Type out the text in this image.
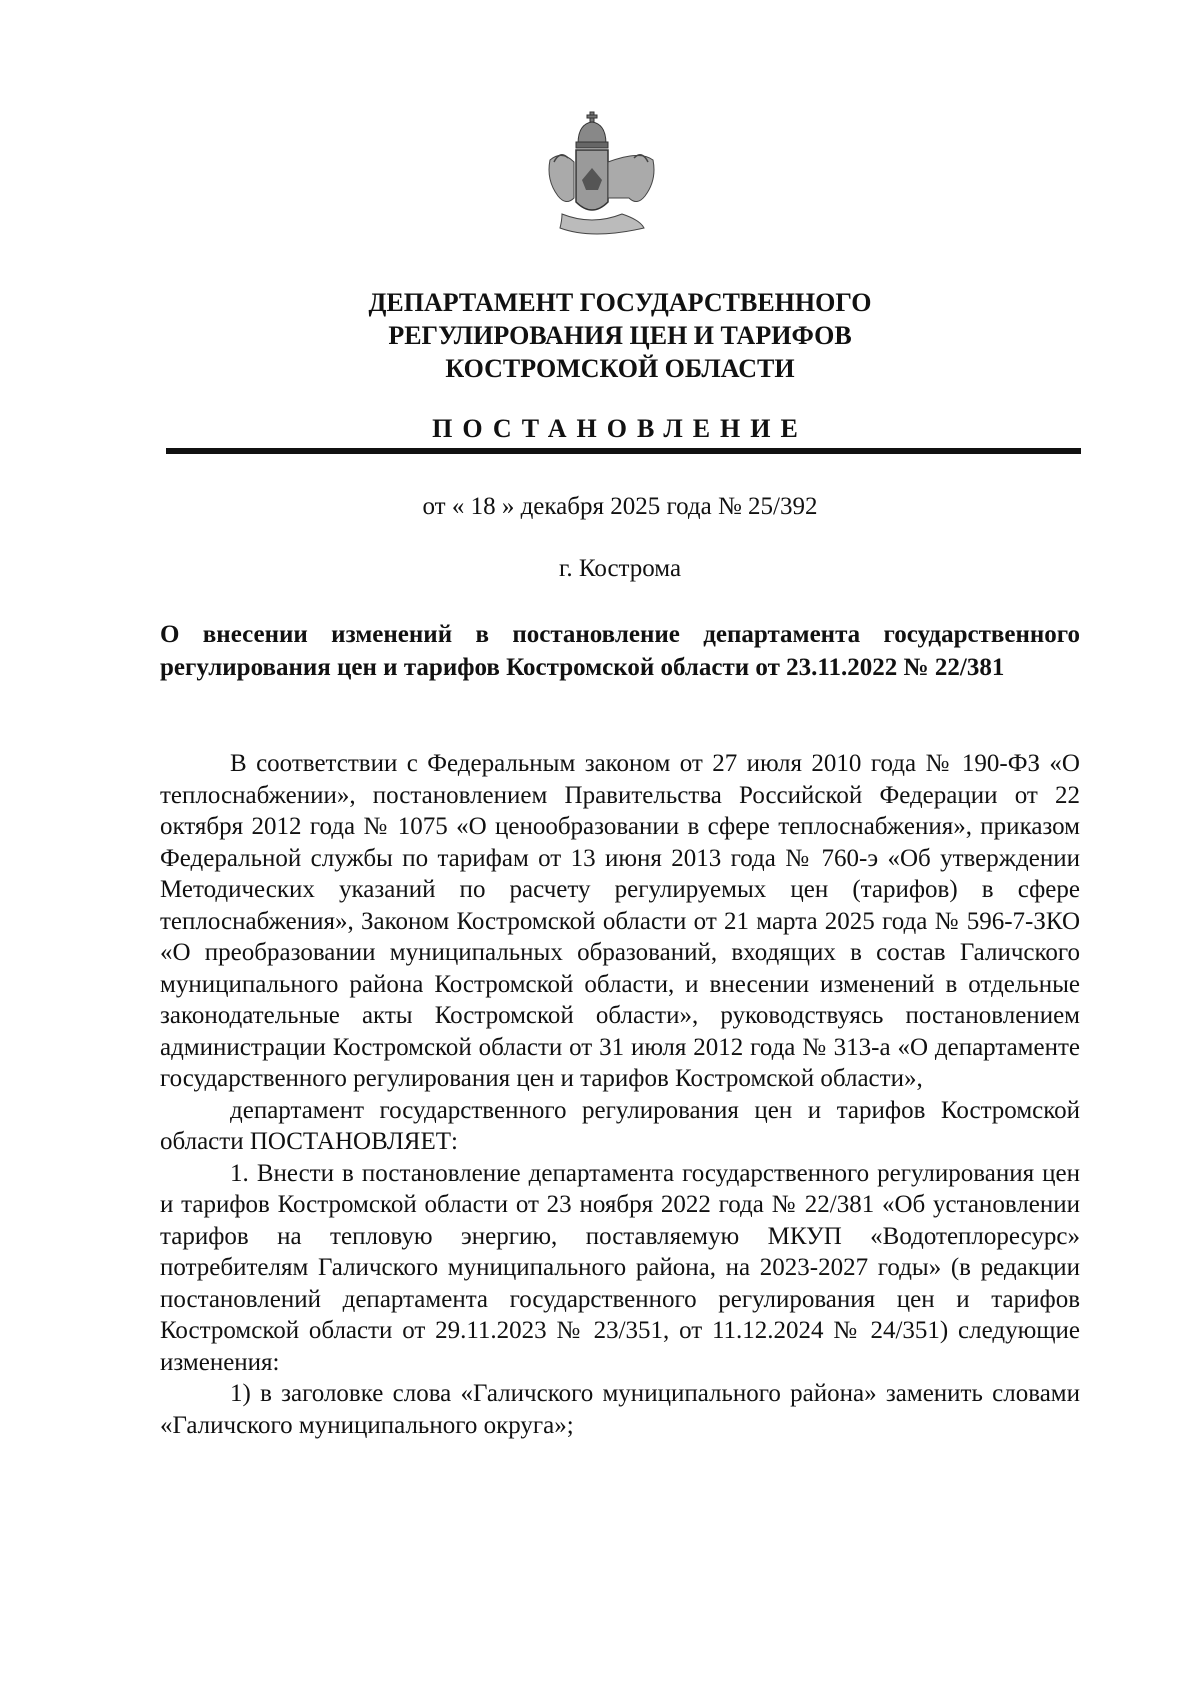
ДЕПАРТАМЕНТ ГОСУДАРСТВЕННОГО
РЕГУЛИРОВАНИЯ ЦЕН И ТАРИФОВ
КОСТРОМСКОЙ ОБЛАСТИ
ПОСТАНОВЛЕНИЕ
от « 18 » декабря 2025 года № 25/392
г. Кострома
О внесении изменений в постановление департамента государственного регулирования цен и тарифов Костромской области от 23.11.2022 № 22/381

В соответствии с Федеральным законом от 27 июля 2010 года № 190-ФЗ «О теплоснабжении», постановлением Правительства Российской Федерации от 22 октября 2012 года № 1075 «О ценообразовании в сфере теплоснабжения», приказом Федеральной службы по тарифам от 13 июня 2013 года № 760-э «Об утверждении Методических указаний по расчету регулируемых цен (тарифов) в сфере теплоснабжения», Законом Костромской области от 21 марта 2025 года № 596-7-ЗКО «О преобразовании муниципальных образований, входящих в состав Галичского муниципального района Костромской области, и внесении изменений в отдельные законодательные акты Костромской области», руководствуясь постановлением администрации Костромской области от 31 июля 2012 года № 313-а «О департаменте государственного регулирования цен и тарифов Костромской области»,

департамент государственного регулирования цен и тарифов Костромской области ПОСТАНОВЛЯЕТ:

1. Внести в постановление департамента государственного регулирования цен и тарифов Костромской области от 23 ноября 2022 года № 22/381 «Об установлении тарифов на тепловую энергию, поставляемую МКУП «Водотеплоресурс» потребителям Галичского муниципального района, на 2023-2027 годы» (в редакции постановлений департамента государственного регулирования цен и тарифов Костромской области от 29.11.2023 № 23/351, от 11.12.2024 № 24/351) следующие изменения:

1) в заголовке слова «Галичского муниципального района» заменить словами «Галичского муниципального округа»;
